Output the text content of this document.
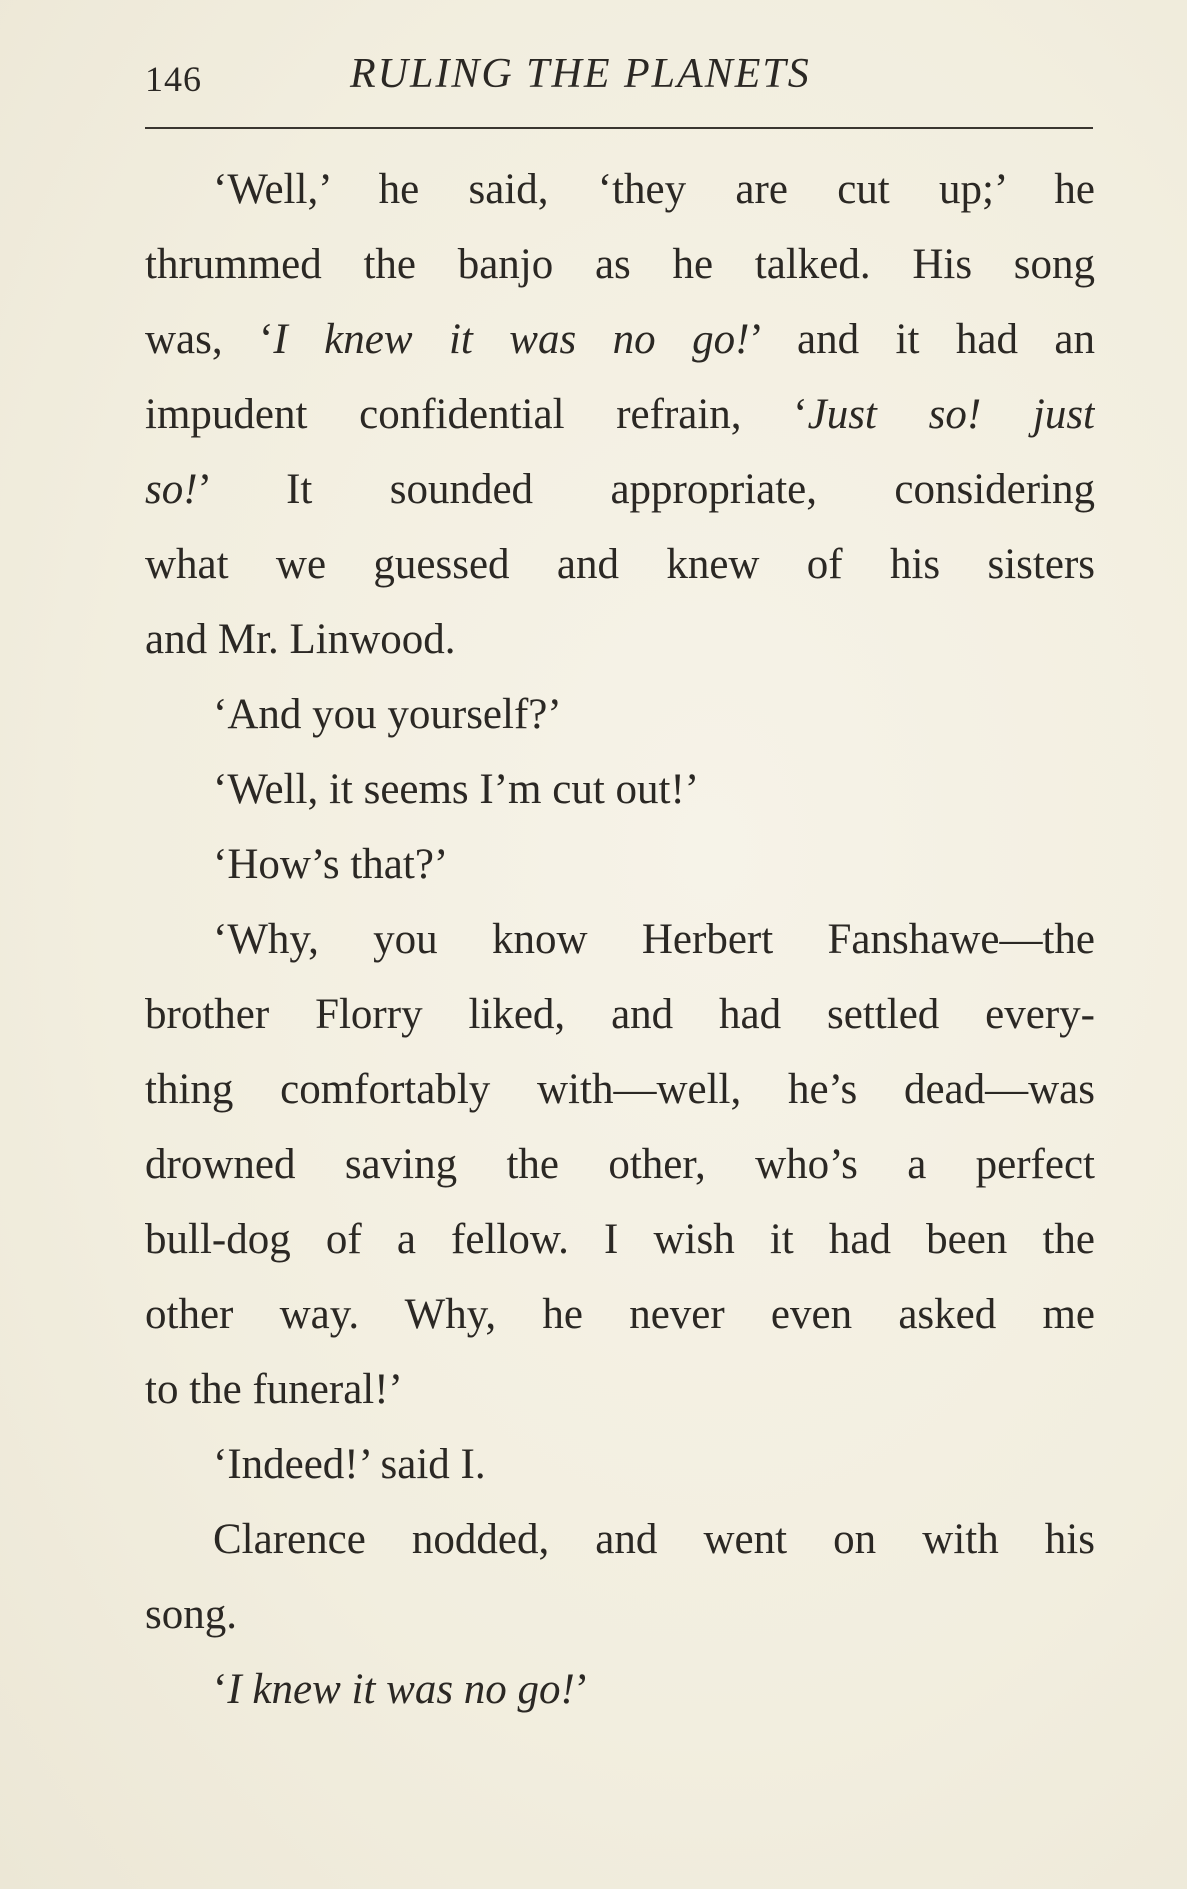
146	RULING THE PLANETS
‘Well,’ he said, ‘they are cut up;’ he
thrummed the banjo as he talked. His song
was, ‘I knew it was no go!’ and it had an
impudent confidential refrain, ‘Just so! just
so!’ It sounded appropriate, considering
what we guessed and knew of his sisters
and Mr. Linwood.
‘And you yourself?’
‘Well, it seems I’m cut out!’
‘How’s that?’
‘Why, you know Herbert Fanshawe—the
brother Florry liked, and had settled every-
thing comfortably with—well, he’s dead—was
drowned saving the other, who’s a perfect
bull-dog of a fellow. I wish it had been the
other way. Why, he never even asked me
to the funeral!’
‘Indeed!’ said I.
Clarence nodded, and went on with his
song.
‘I knew it was no go!’
